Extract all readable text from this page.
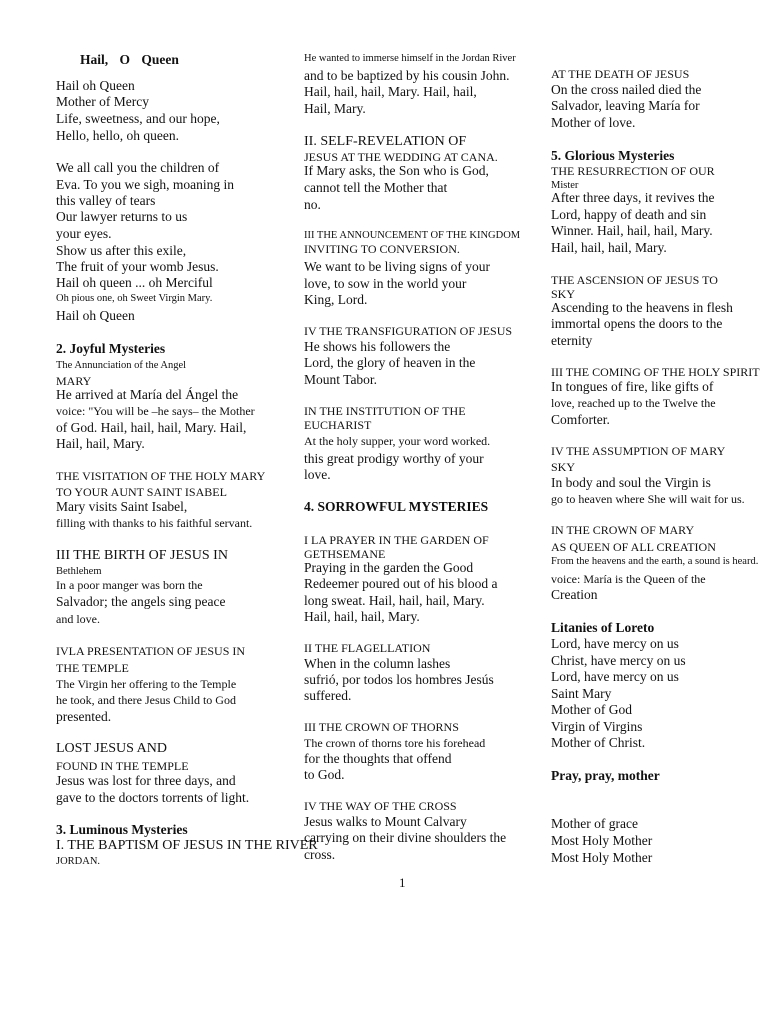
Hail, O Queen
Hail oh Queen
Mother of Mercy
Life, sweetness, and our hope,
Hello, hello, oh queen.
We all call you the children of
Eva. To you we sigh, moaning in
this valley of tears
Our lawyer returns to us
your eyes.
Show us after this exile,
The fruit of your womb Jesus.
Hail oh queen ... oh Merciful
Oh pious one, oh Sweet Virgin Mary.
Hail oh Queen
2. Joyful Mysteries
The Annunciation of the Angel
MARY
He arrived at María del Ángel the
voice: "You will be –he says– the Mother
of God. Hail, hail, hail, Mary. Hail,
Hail, hail, Mary.
THE VISITATION OF THE HOLY MARY
TO YOUR AUNT SAINT ISABEL
Mary visits Saint Isabel,
filling with thanks to his faithful servant.
III THE BIRTH OF JESUS IN
Bethlehem
In a poor manger was born the
Salvador; the angels sing peace
and love.
IVLA PRESENTATION OF JESUS IN
THE TEMPLE
The Virgin her offering to the Temple
he took, and there Jesus Child to God
presented.
LOST JESUS AND
FOUND IN THE TEMPLE
Jesus was lost for three days, and
gave to the doctors torrents of light.
3. Luminous Mysteries
I. THE BAPTISM OF JESUS IN THE RIVER
JORDAN.
He wanted to immerse himself in the Jordan River
and to be baptized by his cousin John.
Hail, hail, hail, Mary. Hail, hail,
Hail, Mary.
II. SELF-REVELATION OF
JESUS AT THE WEDDING AT CANA.
If Mary asks, the Son who is God,
cannot tell the Mother that
no.
III THE ANNOUNCEMENT OF THE KINGDOM
INVITING TO CONVERSION.
We want to be living signs of your
love, to sow in the world your
King, Lord.
IV THE TRANSFIGURATION OF JESUS
He shows his followers the
Lord, the glory of heaven in the
Mount Tabor.
IN THE INSTITUTION OF THE
EUCHARIST
At the holy supper, your word worked.
this great prodigy worthy of your
love.
4. SORROWFUL MYSTERIES
I LA PRAYER IN THE GARDEN OF
GETHSEMANE
Praying in the garden the Good
Redeemer poured out of his blood a
long sweat. Hail, hail, hail, Mary.
Hail, hail, hail, Mary.
II THE FLAGELLATION
When in the column lashes
sufrió, por todos los hombres Jesús
suffered.
III THE CROWN OF THORNS
The crown of thorns tore his forehead
for the thoughts that offend
to God.
IV THE WAY OF THE CROSS
Jesus walks to Mount Calvary
carrying on their divine shoulders the
cross.
AT THE DEATH OF JESUS
On the cross nailed died the
Salvador, leaving María for
Mother of love.
5. Glorious Mysteries
THE RESURRECTION OF OUR
Mister
After three days, it revives the
Lord, happy of death and sin
Winner. Hail, hail, hail, Mary.
Hail, hail, hail, Mary.
THE ASCENSION OF JESUS TO
SKY
Ascending to the heavens in flesh
immortal opens the doors to the
eternity
III THE COMING OF THE HOLY SPIRIT
In tongues of fire, like gifts of
love, reached up to the Twelve the
Comforter.
IV THE ASSUMPTION OF MARY
SKY
In body and soul the Virgin is
go to heaven where She will wait for us.
IN THE CROWN OF MARY
AS QUEEN OF ALL CREATION
From the heavens and the earth, a sound is heard.
voice: María is the Queen of the
Creation
Litanies of Loreto
Lord, have mercy on us
Christ, have mercy on us
Lord, have mercy on us
Saint Mary
Mother of God
Virgin of Virgins
Mother of Christ.
Pray, pray, mother
Mother of grace
Most Holy Mother
Most Holy Mother
1
